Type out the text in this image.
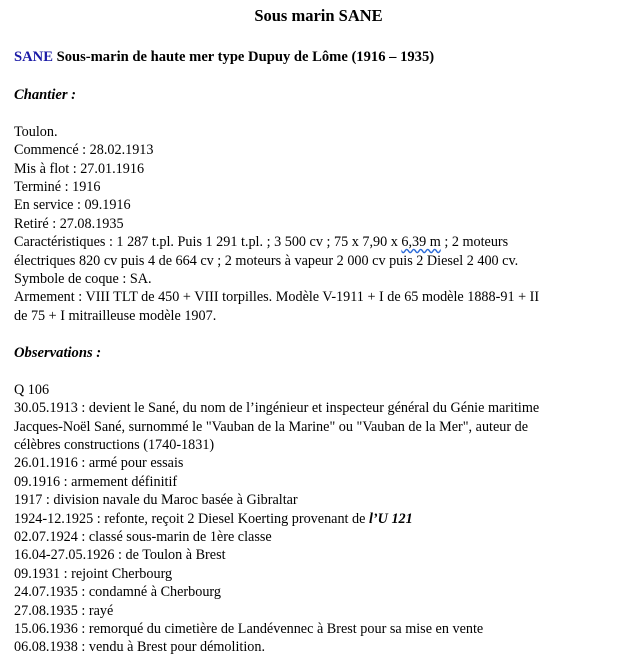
Sous marin SANE
SANE Sous-marin de haute mer type Dupuy de Lôme (1916 – 1935)
Chantier :
Toulon.
Commencé : 28.02.1913
Mis à flot : 27.01.1916
Terminé : 1916
En service : 09.1916
Retiré : 27.08.1935
Caractéristiques : 1 287 t.pl. Puis 1 291 t.pl. ; 3 500 cv ; 75 x 7,90 x 6,39 m ; 2 moteurs
électriques 820 cv puis 4 de 664 cv ; 2 moteurs à vapeur 2 000 cv puis 2 Diesel 2 400 cv.
Symbole de coque : SA.
Armement : VIII TLT de 450 + VIII torpilles. Modèle V-1911 + I de 65 modèle 1888-91 + II
de 75 + I mitrailleuse modèle 1907.
Observations :
Q 106
30.05.1913 : devient le Sané, du nom de l’ingénieur et inspecteur général du Génie maritime
Jacques-Noël Sané, surnommé le "Vauban de la Marine" ou "Vauban de la Mer", auteur de
célèbres constructions (1740-1831)
26.01.1916 : armé pour essais
09.1916 : armement définitif
1917 : division navale du Maroc basée à Gibraltar
1924-12.1925 : refonte, reçoit 2 Diesel Koerting provenant de l’U 121
02.07.1924 : classé sous-marin de 1ère classe
16.04-27.05.1926 : de Toulon à Brest
09.1931 : rejoint Cherbourg
24.07.1935 : condamné à Cherbourg
27.08.1935 : rayé
15.06.1936 : remorqué du cimetière de Landévennec à Brest pour sa mise en vente
06.08.1938 : vendu à Brest pour démolition.
